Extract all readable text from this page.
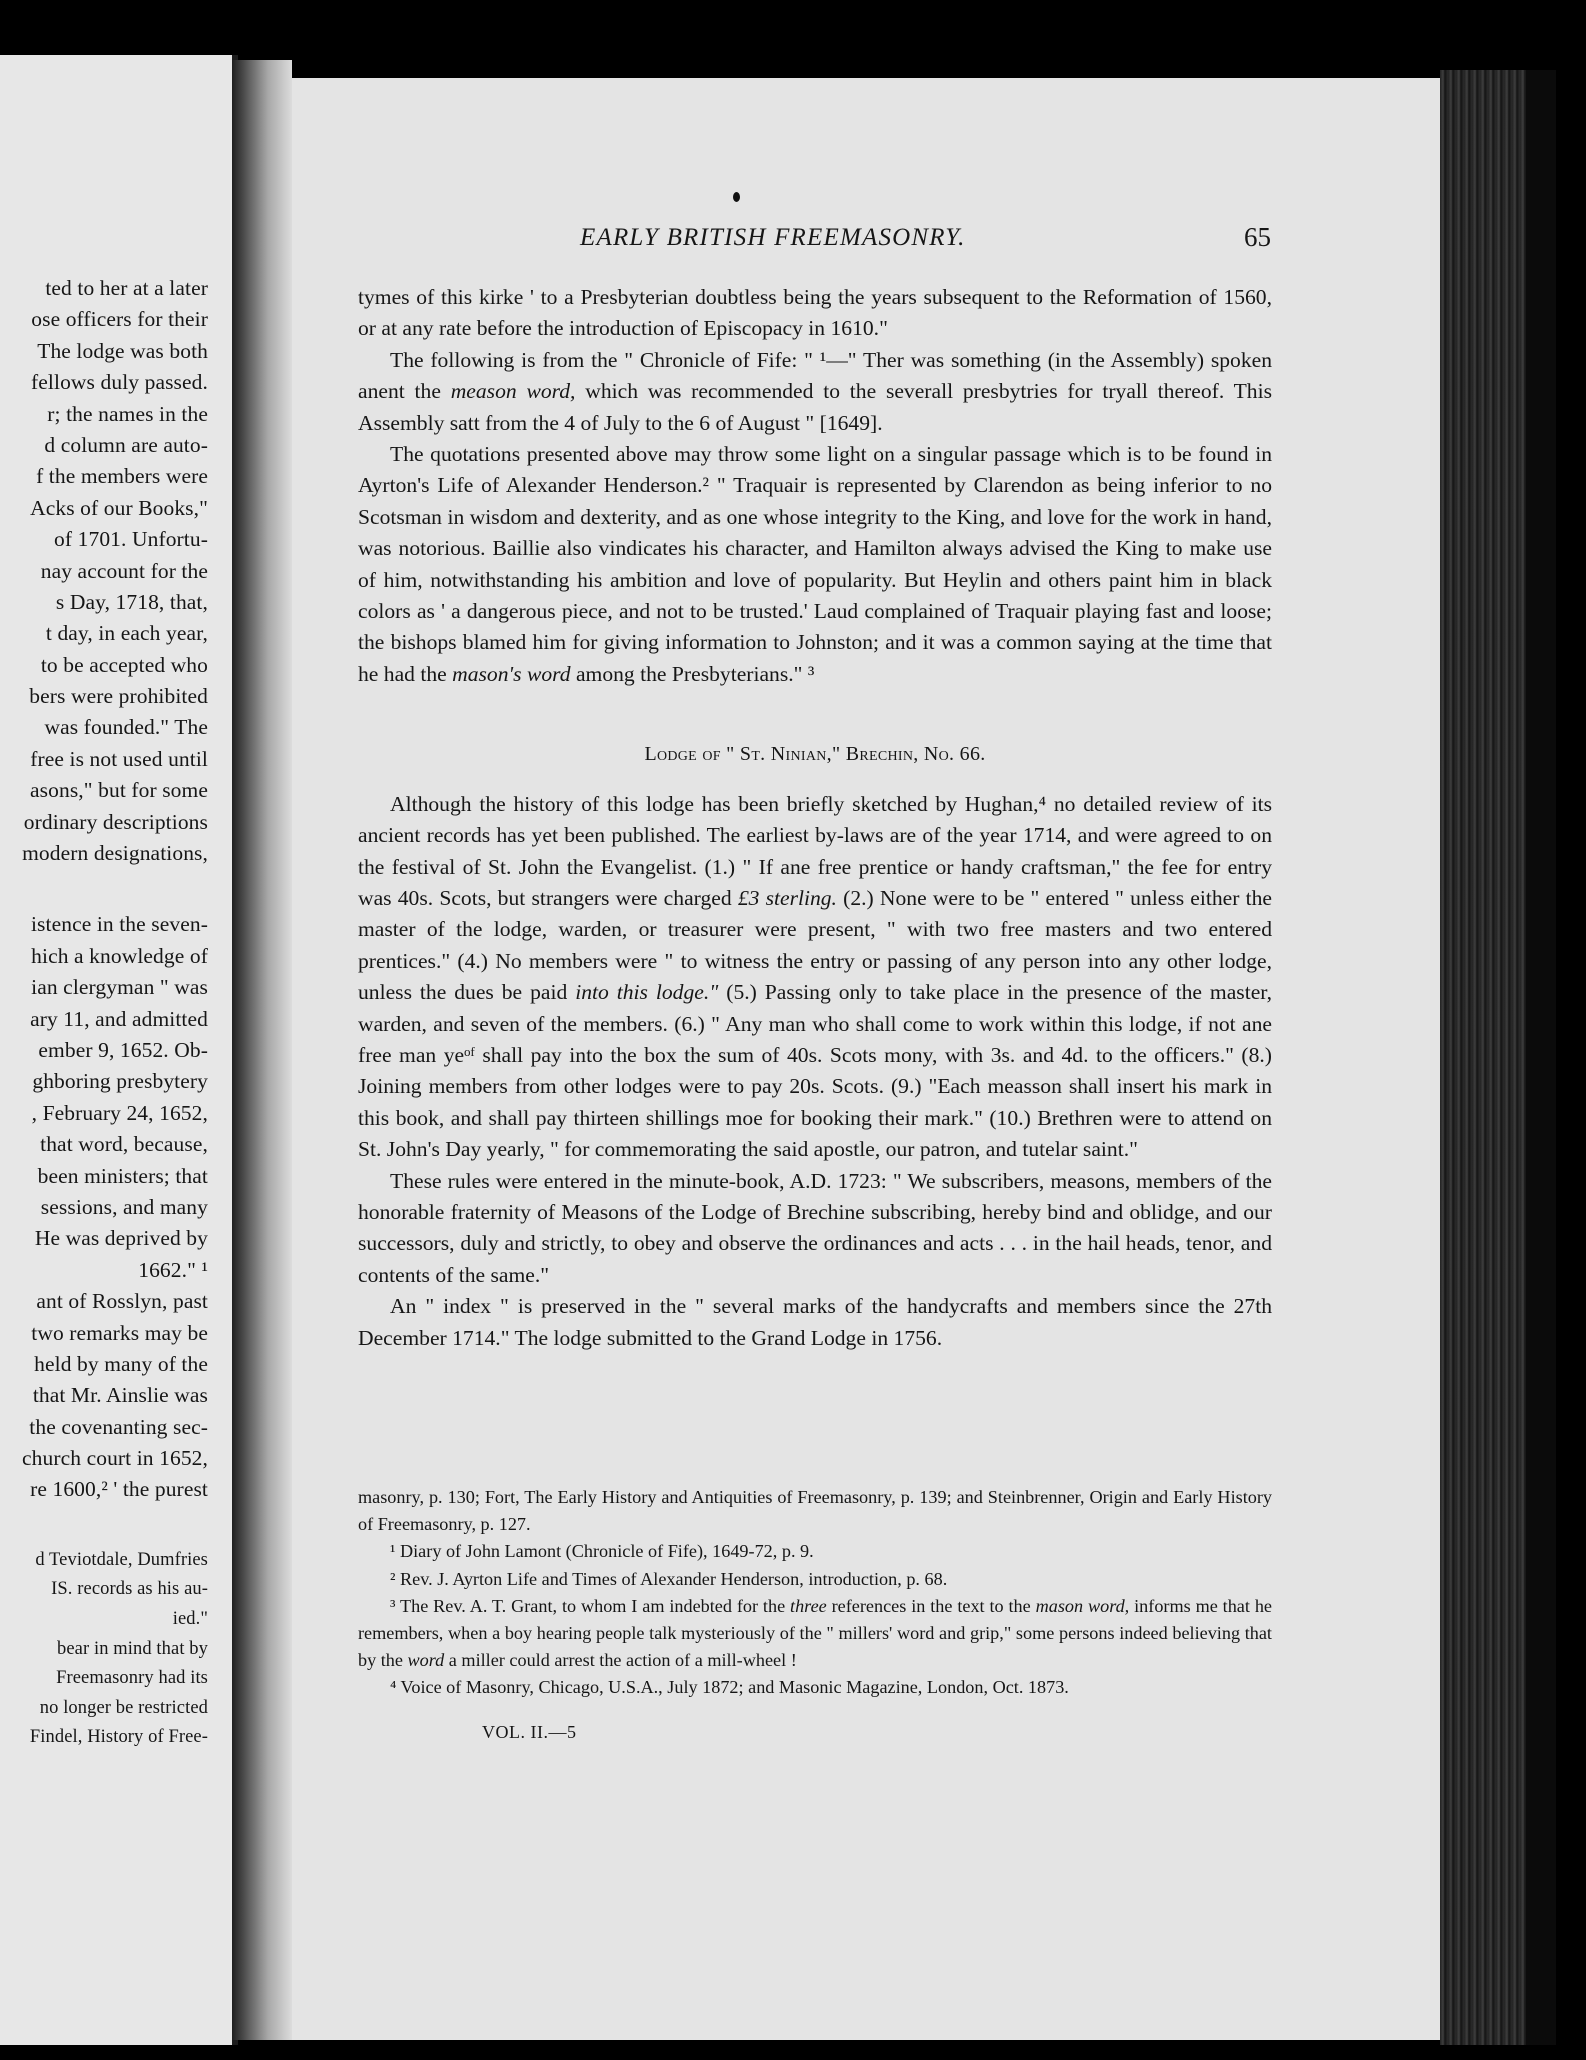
ted to her at a later
ose officers for their
The lodge was both
fellows duly passed.
r; the names in the
d column are auto-
f the members were
Acks of our Books,"
of 1701. Unfortu-
nay account for the
s Day, 1718, that,
t day, in each year,
to be accepted who
bers were prohibited
was founded." The
free is not used until
asons," but for some
ordinary descriptions
modern designations,
istence in the seven-
hich a knowledge of
ian clergyman " was
ary 11, and admitted
ember 9, 1652. Ob-
ghboring presbytery
, February 24, 1652,
that word, because,
been ministers; that
sessions, and many
He was deprived by
1662." ¹
ant of Rosslyn, past
two remarks may be
held by many of the
that Mr. Ainslie was
the covenanting sec-
church court in 1652,
re 1600,² ' the purest
d Teviotdale, Dumfries
IS. records as his au-
ied."
bear in mind that by
Freemasonry had its
no longer be restricted
Findel, History of Free-
EARLY BRITISH FREEMASONRY.	65

tymes of this kirke ' to a Presbyterian doubtless being the years subsequent to the Reformation of 1560, or at any rate before the introduction of Episcopacy in 1610."

The following is from the " Chronicle of Fife: " ¹—" Ther was something (in the Assembly) spoken anent the meason word, which was recommended to the severall presbytries for tryall thereof. This Assembly satt from the 4 of July to the 6 of August " [1649].

The quotations presented above may throw some light on a singular passage which is to be found in Ayrton's Life of Alexander Henderson.² " Traquair is represented by Clarendon as being inferior to no Scotsman in wisdom and dexterity, and as one whose integrity to the King, and love for the work in hand, was notorious. Baillie also vindicates his character, and Hamilton always advised the King to make use of him, notwithstanding his ambition and love of popularity. But Heylin and others paint him in black colors as ' a dangerous piece, and not to be trusted.' Laud complained of Traquair playing fast and loose; the bishops blamed him for giving information to Johnston; and it was a common saying at the time that he had the mason's word among the Presbyterians." ³

Lodge of " St. Ninian," Brechin, No. 66.

Although the history of this lodge has been briefly sketched by Hughan,⁴ no detailed review of its ancient records has yet been published. The earliest by-laws are of the year 1714, and were agreed to on the festival of St. John the Evangelist. (1.) " If ane free prentice or handy craftsman," the fee for entry was 40s. Scots, but strangers were charged £3 sterling. (2.) None were to be " entered " unless either the master of the lodge, warden, or treasurer were present, " with two free masters and two entered prentices." (4.) No members were " to witness the entry or passing of any person into any other lodge, unless the dues be paid into this lodge." (5.) Passing only to take place in the presence of the master, warden, and seven of the members. (6.) " Any man who shall come to work within this lodge, if not ane free man yeᵒᶠ shall pay into the box the sum of 40s. Scots mony, with 3s. and 4d. to the officers." (8.) Joining members from other lodges were to pay 20s. Scots. (9.) "Each measson shall insert his mark in this book, and shall pay thirteen shillings moe for booking their mark." (10.) Brethren were to attend on St. John's Day yearly, " for commemorating the said apostle, our patron, and tutelar saint."

These rules were entered in the minute-book, A.D. 1723: " We subscribers, measons, members of the honorable fraternity of Measons of the Lodge of Brechine subscribing, hereby bind and oblidge, and our successors, duly and strictly, to obey and observe the ordinances and acts . . . in the hail heads, tenor, and contents of the same."

An " index " is preserved in the " several marks of the handycrafts and members since the 27th December 1714." The lodge submitted to the Grand Lodge in 1756.

masonry, p. 130; Fort, The Early History and Antiquities of Freemasonry, p. 139; and Steinbrenner, Origin and Early History of Freemasonry, p. 127.

¹ Diary of John Lamont (Chronicle of Fife), 1649-72, p. 9.

² Rev. J. Ayrton Life and Times of Alexander Henderson, introduction, p. 68.

³ The Rev. A. T. Grant, to whom I am indebted for the three references in the text to the mason word, informs me that he remembers, when a boy hearing people talk mysteriously of the " millers' word and grip," some persons indeed believing that by the word a miller could arrest the action of a mill-wheel !

⁴ Voice of Masonry, Chicago, U.S.A., July 1872; and Masonic Magazine, London, Oct. 1873.

VOL. II.—5
